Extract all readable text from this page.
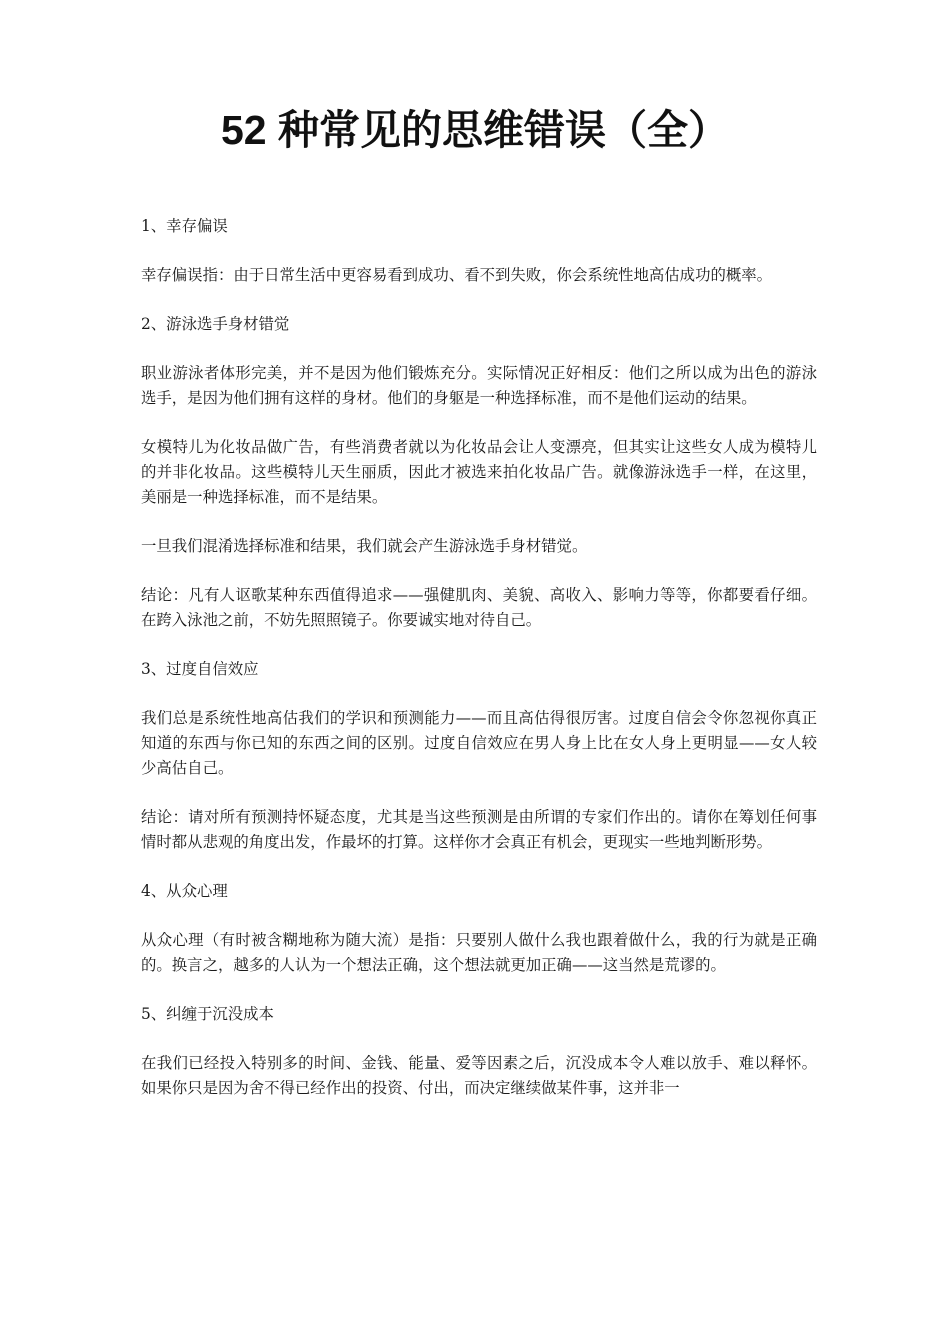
52 种常见的思维错误（全）

1、幸存偏误

幸存偏误指：由于日常生活中更容易看到成功、看不到失败，你会系统性地高估成功的概率。

2、游泳选手身材错觉

职业游泳者体形完美，并不是因为他们锻炼充分。实际情况正好相反：他们之所以成为出色的游泳选手，是因为他们拥有这样的身材。他们的身躯是一种选择标准，而不是他们运动的结果。

女模特儿为化妆品做广告，有些消费者就以为化妆品会让人变漂亮，但其实让这些女人成为模特儿的并非化妆品。这些模特儿天生丽质，因此才被选来拍化妆品广告。就像游泳选手一样，在这里，美丽是一种选择标准，而不是结果。

一旦我们混淆选择标准和结果，我们就会产生游泳选手身材错觉。

结论：凡有人讴歌某种东西值得追求——强健肌肉、美貌、高收入、影响力等等，你都要看仔细。在跨入泳池之前，不妨先照照镜子。你要诚实地对待自己。

3、过度自信效应

我们总是系统性地高估我们的学识和预测能力——而且高估得很厉害。过度自信会令你忽视你真正知道的东西与你已知的东西之间的区别。过度自信效应在男人身上比在女人身上更明显——女人较少高估自己。

结论：请对所有预测持怀疑态度，尤其是当这些预测是由所谓的专家们作出的。请你在筹划任何事情时都从悲观的角度出发，作最坏的打算。这样你才会真正有机会，更现实一些地判断形势。

4、从众心理

从众心理（有时被含糊地称为随大流）是指：只要别人做什么我也跟着做什么，我的行为就是正确的。换言之，越多的人认为一个想法正确，这个想法就更加正确——这当然是荒谬的。

5、纠缠于沉没成本

在我们已经投入特别多的时间、金钱、能量、爱等因素之后，沉没成本令人难以放手、难以释怀。如果你只是因为舍不得已经作出的投资、付出，而决定继续做某件事，这并非一
